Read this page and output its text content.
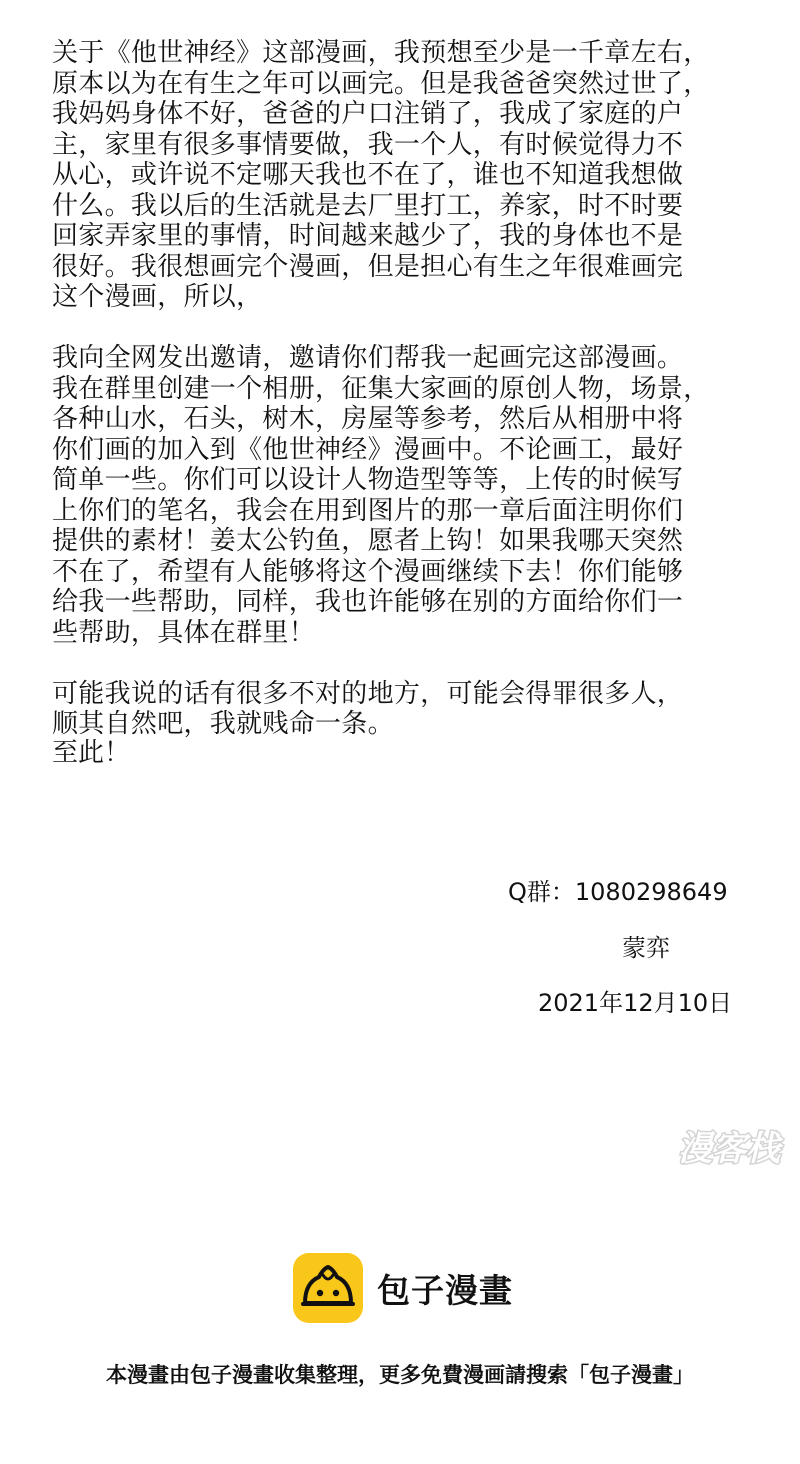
关于《他世神经》这部漫画，我预想至少是一千章左右，
原本以为在有生之年可以画完。但是我爸爸突然过世了，
我妈妈身体不好，爸爸的户口注销了，我成了家庭的户
主，家里有很多事情要做，我一个人，有时候觉得力不
从心，或许说不定哪天我也不在了，谁也不知道我想做
什么。我以后的生活就是去厂里打工，养家，时不时要
回家弄家里的事情，时间越来越少了，我的身体也不是
很好。我很想画完个漫画，但是担心有生之年很难画完
这个漫画，所以，

我向全网发出邀请，邀请你们帮我一起画完这部漫画。
我在群里创建一个相册，征集大家画的原创人物，场景，
各种山水，石头，树木，房屋等参考，然后从相册中将
你们画的加入到《他世神经》漫画中。不论画工，最好
简单一些。你们可以设计人物造型等等，上传的时候写
上你们的笔名，我会在用到图片的那一章后面注明你们
提供的素材！姜太公钓鱼，愿者上钩！如果我哪天突然
不在了，希望有人能够将这个漫画继续下去！你们能够
给我一些帮助，同样，我也许能够在别的方面给你们一
些帮助，具体在群里！

可能我说的话有很多不对的地方，可能会得罪很多人，
顺其自然吧，我就贱命一条。

至此！
Q群：1080298649
蒙弈
2021年12月10日
漫客栈
包子漫畫
本漫畫由包子漫畫收集整理，更多免費漫画請搜索「包子漫畫」
